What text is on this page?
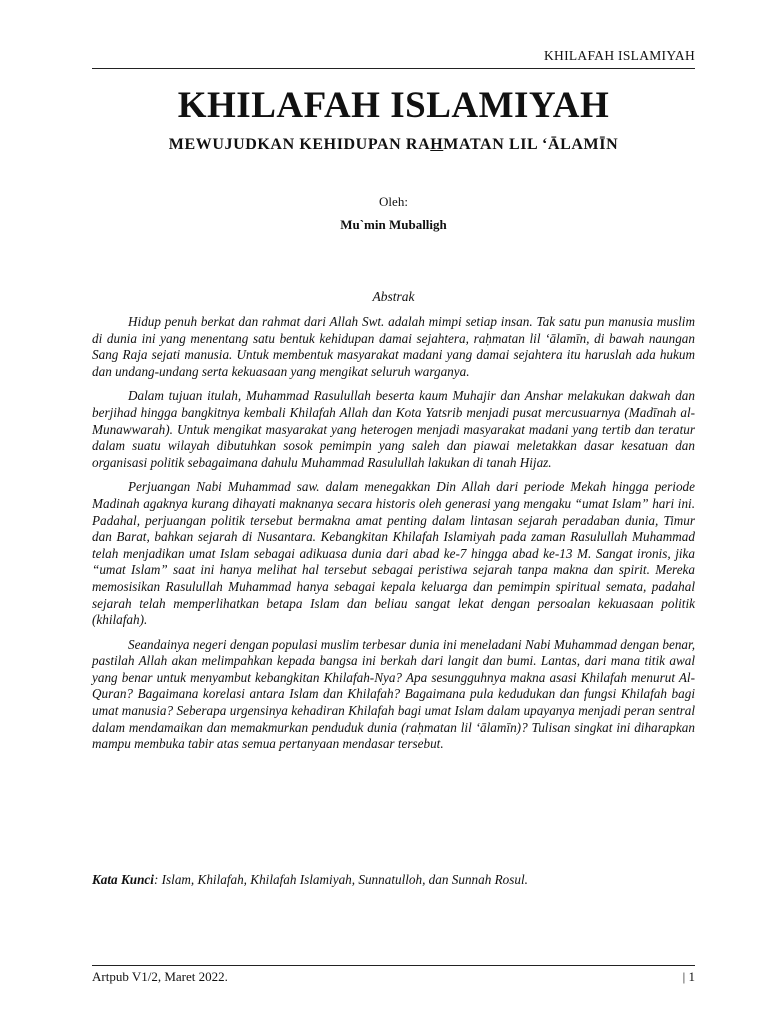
KHILAFAH ISLAMIYAH
KHILAFAH ISLAMIYAH
MEWUJUDKAN KEHIDUPAN RAHMATAN LIL ‘ĀLAMĪN
Oleh:
Mu`min Muballigh
Abstrak

Hidup penuh berkat dan rahmat dari Allah Swt. adalah mimpi setiap insan. Tak satu pun manusia muslim di dunia ini yang menentang satu bentuk kehidupan damai sejahtera, raḥmatan lil ‘ālamīn, di bawah naungan Sang Raja sejati manusia. Untuk membentuk masyarakat madani yang damai sejahtera itu haruslah ada hukum dan undang-undang serta kekuasaan yang mengikat seluruh warganya.

Dalam tujuan itulah, Muhammad Rasulullah beserta kaum Muhajir dan Anshar melakukan dakwah dan berjihad hingga bangkitnya kembali Khilafah Allah dan Kota Yatsrib menjadi pusat mercusuarnya (Madīnah al-Munawwarah). Untuk mengikat masyarakat yang heterogen menjadi masyarakat madani yang tertib dan teratur dalam suatu wilayah dibutuhkan sosok pemimpin yang saleh dan piawai meletakkan dasar kesatuan dan organisasi politik sebagaimana dahulu Muhammad Rasulullah lakukan di tanah Hijaz.

Perjuangan Nabi Muhammad saw. dalam menegakkan Din Allah dari periode Mekah hingga periode Madinah agaknya kurang dihayati maknanya secara historis oleh generasi yang mengaku “umat Islam” hari ini. Padahal, perjuangan politik tersebut bermakna amat penting dalam lintasan sejarah peradaban dunia, Timur dan Barat, bahkan sejarah di Nusantara. Kebangkitan Khilafah Islamiyah pada zaman Rasulullah Muhammad telah menjadikan umat Islam sebagai adikuasa dunia dari abad ke-7 hingga abad ke-13 M. Sangat ironis, jika “umat Islam” saat ini hanya melihat hal tersebut sebagai peristiwa sejarah tanpa makna dan spirit. Mereka memosisikan Rasulullah Muhammad hanya sebagai kepala keluarga dan pemimpin spiritual semata, padahal sejarah telah memperlihatkan betapa Islam dan beliau sangat lekat dengan persoalan kekuasaan politik (khilafah).

Seandainya negeri dengan populasi muslim terbesar dunia ini meneladani Nabi Muhammad dengan benar, pastilah Allah akan melimpahkan kepada bangsa ini berkah dari langit dan bumi. Lantas, dari mana titik awal yang benar untuk menyambut kebangkitan Khilafah-Nya? Apa sesungguhnya makna asasi Khilafah menurut Al-Quran? Bagaimana korelasi antara Islam dan Khilafah? Bagaimana pula kedudukan dan fungsi Khilafah bagi umat manusia? Seberapa urgensinya kehadiran Khilafah bagi umat Islam dalam upayanya menjadi peran sentral dalam mendamaikan dan memakmurkan penduduk dunia (raḥmatan lil ‘ālamīn)? Tulisan singkat ini diharapkan mampu membuka tabir atas semua pertanyaan mendasar tersebut.

Kata Kunci: Islam, Khilafah, Khilafah Islamiyah, Sunnatulloh, dan Sunnah Rosul.
Artpub V1/2, Maret 2022.	| 1
